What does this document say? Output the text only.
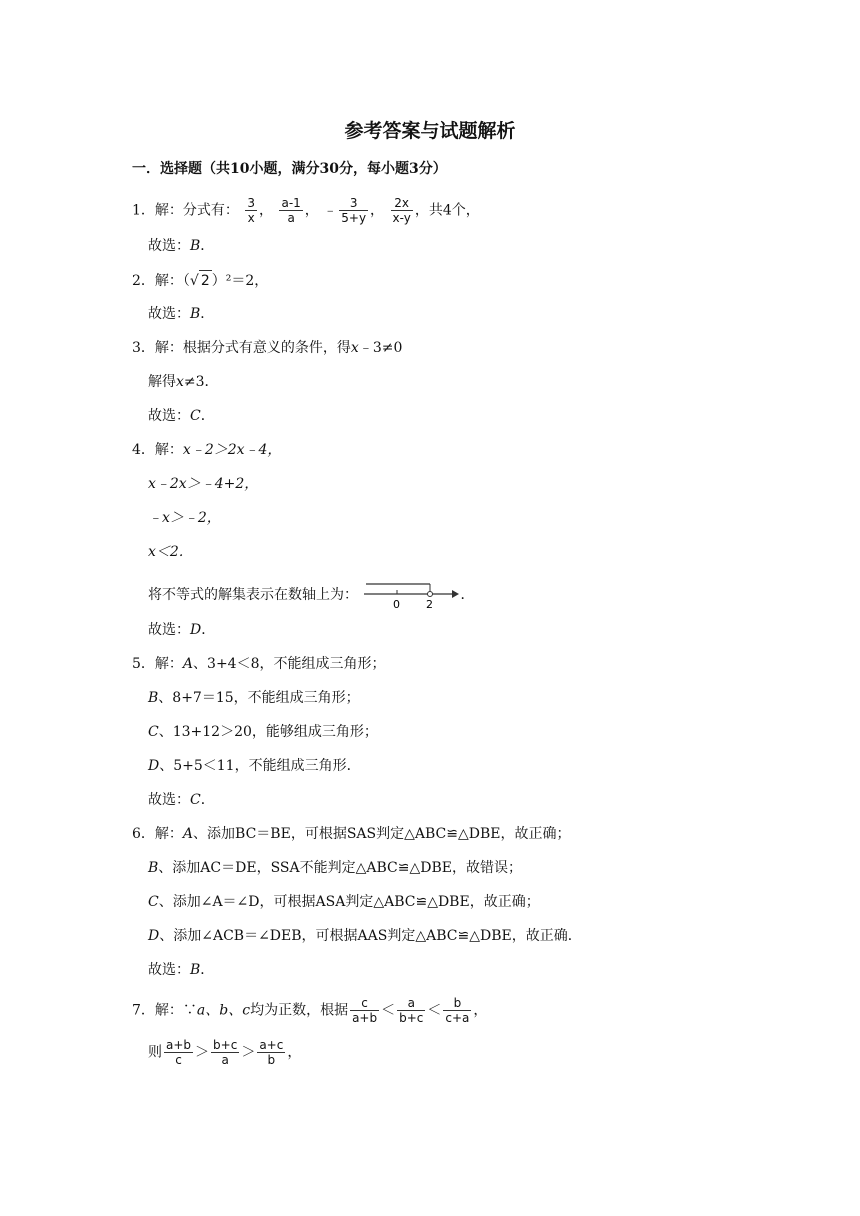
参考答案与试题解析
一．选择题（共10小题，满分30分，每小题3分）
1．解：分式有： $\frac{3}{x}$ ， $\frac{a-1}{a}$ ， ﹣ $\frac{3}{5+y}$ ， $\frac{2x}{x-y}$ ，共4个，
故选：B．
2．解：（√ 2 ）²＝2，
故选：B．
3．解：根据分式有意义的条件，得x﹣3≠0
解得x≠3．
故选：C．
4．解：x﹣2＞2x﹣4，
x﹣2x＞﹣4+2，
﹣x＞﹣2，
x＜2．
将不等式的解集表示在数轴上为：
0 2
．
故选：D．
5．解：A、3+4＜8，不能组成三角形；
B、8+7＝15，不能组成三角形；
C、13+12＞20，能够组成三角形；
D、5+5＜11，不能组成三角形．
故选：C．
6．解：A、添加BC＝BE，可根据SAS判定△ABC≌△DBE，故正确；
B、添加AC＝DE，SSA不能判定△ABC≌△DBE，故错误；
C、添加∠A＝∠D，可根据ASA判定△ABC≌△DBE，故正确；
D、添加∠ACB＝∠DEB，可根据AAS判定△ABC≌△DBE，故正确．
故选：B．
7．解：∵a、b、c均为正数，根据 $\frac{c}{a+b} < \frac{a}{b+c} < \frac{b}{c+a}$ ，
则 $\frac{a+b}{c} > \frac{b+c}{a} > \frac{a+c}{b}$ ，
